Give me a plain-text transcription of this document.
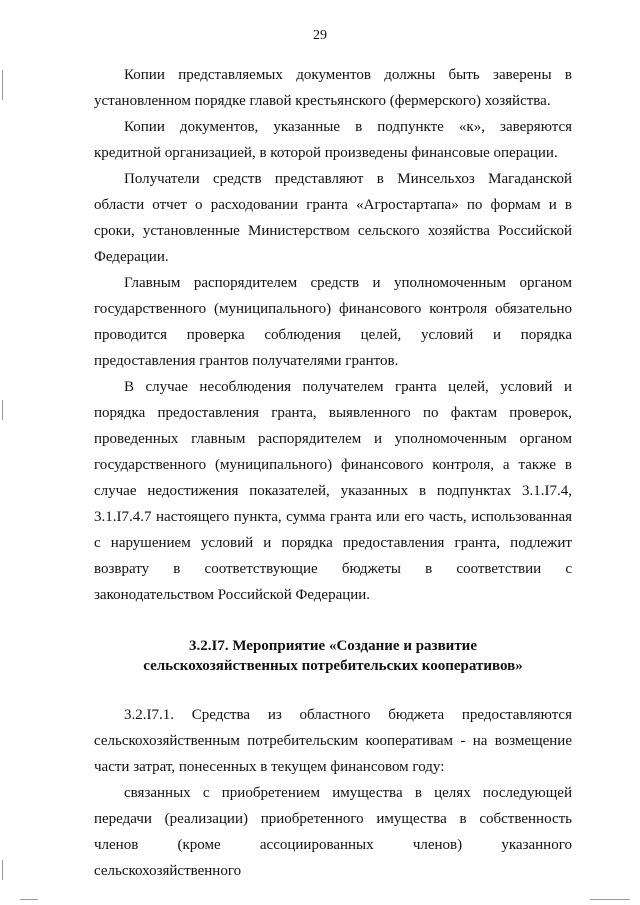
29

Копии представляемых документов должны быть заверены в установленном порядке главой крестьянского (фермерского) хозяйства.

Копии документов, указанные в подпункте «к», заверяются кредитной организацией, в которой произведены финансовые операции.

Получатели средств представляют в Минсельхоз Магаданской области отчет о расходовании гранта «Агростартапа» по формам и в сроки, установленные Министерством сельского хозяйства Российской Федерации.

Главным распорядителем средств и уполномоченным органом государственного (муниципального) финансового контроля обязательно проводится проверка соблюдения целей, условий и порядка предоставления грантов получателями грантов.

В случае несоблюдения получателем гранта целей, условий и порядка предоставления гранта, выявленного по фактам проверок, проведенных главным распорядителем и уполномоченным органом государственного (муниципального) финансового контроля, а также в случае недостижения показателей, указанных в подпунктах 3.1.I7.4, 3.1.I7.4.7 настоящего пункта, сумма гранта или его часть, использованная с нарушением условий и порядка предоставления гранта, подлежит возврату в соответствующие бюджеты в соответствии с законодательством Российской Федерации.

3.2.I7. Мероприятие «Создание и развитие
сельскохозяйственных потребительских кооперативов»

3.2.I7.1. Средства из областного бюджета предоставляются сельскохозяйственным потребительским кооперативам - на возмещение части затрат, понесенных в текущем финансовом году:

связанных с приобретением имущества в целях последующей передачи (реализации) приобретенного имущества в собственность членов (кроме ассоциированных членов) указанного сельскохозяйственного
